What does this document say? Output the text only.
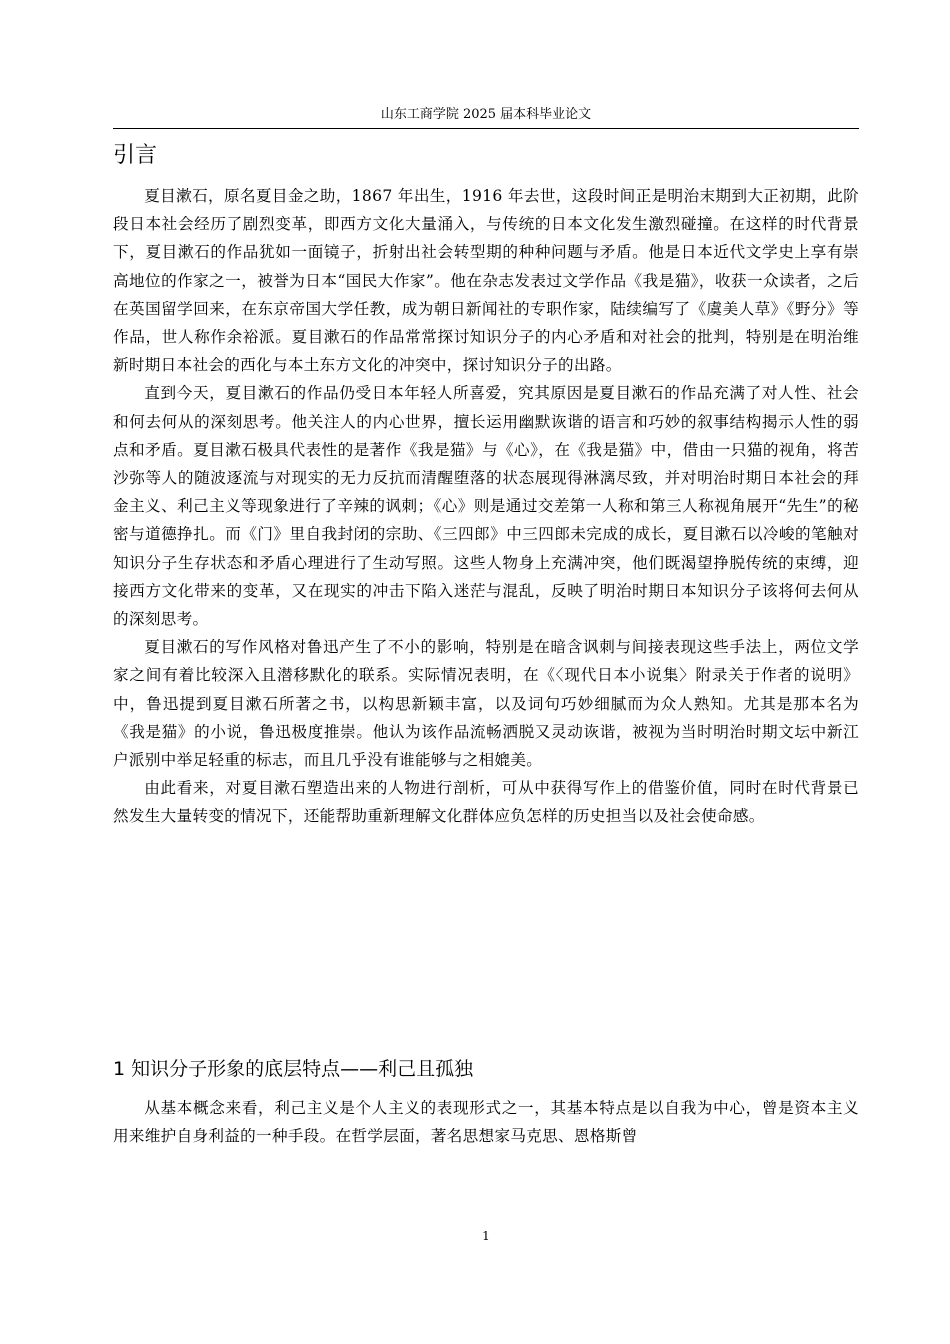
山东工商学院 2025 届本科毕业论文
引言

夏目漱石，原名夏目金之助，1867 年出生，1916 年去世，这段时间正是明治末期到大正初期，此阶段日本社会经历了剧烈变革，即西方文化大量涌入，与传统的日本文化发生激烈碰撞。在这样的时代背景下，夏目漱石的作品犹如一面镜子，折射出社会转型期的种种问题与矛盾。他是日本近代文学史上享有崇高地位的作家之一，被誉为日本“国民大作家”。他在杂志发表过文学作品《我是猫》，收获一众读者，之后在英国留学回来，在东京帝国大学任教，成为朝日新闻社的专职作家，陆续编写了《虞美人草》《野分》等作品，世人称作余裕派。夏目漱石的作品常常探讨知识分子的内心矛盾和对社会的批判，特别是在明治维新时期日本社会的西化与本土东方文化的冲突中，探讨知识分子的出路。

直到今天，夏目漱石的作品仍受日本年轻人所喜爱，究其原因是夏目漱石的作品充满了对人性、社会和何去何从的深刻思考。他关注人的内心世界，擅长运用幽默诙谐的语言和巧妙的叙事结构揭示人性的弱点和矛盾。夏目漱石极具代表性的是著作《我是猫》与《心》，在《我是猫》中，借由一只猫的视角，将苦沙弥等人的随波逐流与对现实的无力反抗而清醒堕落的状态展现得淋漓尽致，并对明治时期日本社会的拜金主义、利己主义等现象进行了辛辣的讽刺；《心》则是通过交差第一人称和第三人称视角展开“先生”的秘密与道德挣扎。而《门》里自我封闭的宗助、《三四郎》中三四郎未完成的成长，夏目漱石以冷峻的笔触对知识分子生存状态和矛盾心理进行了生动写照。这些人物身上充满冲突，他们既渴望挣脱传统的束缚，迎接西方文化带来的变革，又在现实的冲击下陷入迷茫与混乱，反映了明治时期日本知识分子该将何去何从的深刻思考。

夏目漱石的写作风格对鲁迅产生了不小的影响，特别是在暗含讽刺与间接表现这些手法上，两位文学家之间有着比较深入且潜移默化的联系。实际情况表明，在《〈现代日本小说集〉附录关于作者的说明》中，鲁迅提到夏目漱石所著之书，以构思新颖丰富，以及词句巧妙细腻而为众人熟知。尤其是那本名为《我是猫》的小说，鲁迅极度推崇。他认为该作品流畅洒脱又灵动诙谐，被视为当时明治时期文坛中新江户派别中举足轻重的标志，而且几乎没有谁能够与之相媲美。

由此看来，对夏目漱石塑造出来的人物进行剖析，可从中获得写作上的借鉴价值，同时在时代背景已然发生大量转变的情况下，还能帮助重新理解文化群体应负怎样的历史担当以及社会使命感。

1 知识分子形象的底层特点——利己且孤独

从基本概念来看，利己主义是个人主义的表现形式之一，其基本特点是以自我为中心，曾是资本主义用来维护自身利益的一种手段。在哲学层面，著名思想家马克思、恩格斯曾

1
